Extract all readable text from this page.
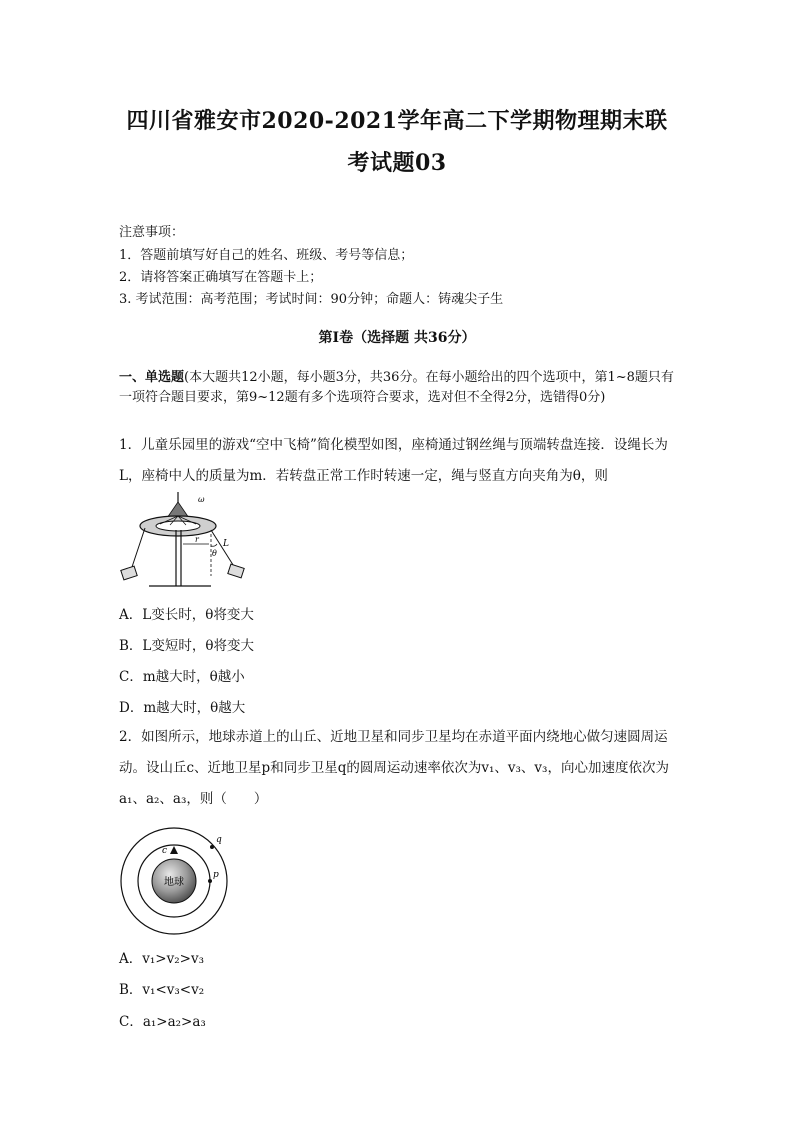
四川省雅安市2020-2021学年高二下学期物理期末联
考试题03
注意事项：
1．答题前填写好自己的姓名、班级、考号等信息；
2．请将答案正确填写在答题卡上；
3. 考试范围：高考范围；考试时间：90分钟；命题人：铸魂尖子生
第I卷（选择题 共36分）
一、单选题(本大题共12小题，每小题3分，共36分。在每小题给出的四个选项中，第1~8题只有一项符合题目要求，第9~12题有多个选项符合要求，选对但不全得2分，选错得0分)
1．儿童乐园里的游戏“空中飞椅”简化模型如图，座椅通过钢丝绳与顶端转盘连接．设绳长为L，座椅中人的质量为m．若转盘正常工作时转速一定，绳与竖直方向夹角为θ，则
r
θ
L
ω
A．L变长时，θ将变大
B．L变短时，θ将变大
C．m越大时，θ越小
D．m越大时，θ越大
2．如图所示，地球赤道上的山丘、近地卫星和同步卫星均在赤道平面内绕地心做匀速圆周运动。设山丘c、近地卫星p和同步卫星q的圆周运动速率依次为v₁、v₃、v₃，向心加速度依次为a₁、a₂、a₃，则（　　）
地球
c
p
q
A．v₁>v₂>v₃
B．v₁<v₃<v₂
C．a₁>a₂>a₃
